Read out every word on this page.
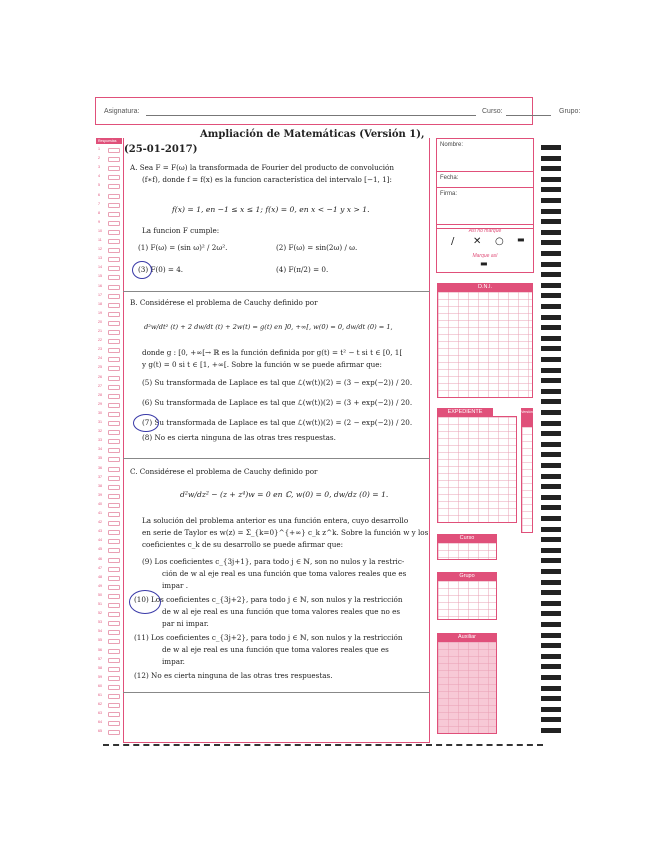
Asignatura:	Curso:	Grupo:
Respuestas
1
2
3
4
5
6
7
8
9
10
11
12
13
14
15
16
17
18
19
20
21
22
23
24
25
26
27
28
29
30
31
32
33
34
35
36
37
38
39
40
41
42
43
44
45
46
47
48
49
50
51
52
53
54
55
56
57
58
59
60
61
62
63
64
65
Ampliación de Matemáticas (Versión 1),
(25-01-2017)
A. Sea F = F(ω) la transformada de Fourier del producto de convolución
(f∗f), donde f = f(x) es la funcion característica del intervalo [−1, 1]:
f(x) = 1, en −1 ≤ x ≤ 1; f(x) = 0, en x < −1 y x > 1.
La funcion F cumple:
(1) F(ω) = (sin ω)² / 2ω².	(2) F(ω) = sin(2ω) / ω.
(3) F(0) = 4.	(4) F(π/2) = 0.
B. Considérese el problema de Cauchy definido por
d²w/dt² (t) + 2 dw/dt (t) + 2w(t) = g(t) en ]0, +∞[, w(0) = 0, dw/dt (0) = 1,
donde g : [0, +∞[→ ℝ es la función definida por g(t) = t² − t si t ∈ [0, 1[
y g(t) = 0 si t ∈ [1, +∞[. Sobre la función w se puede afirmar que:
(5) Su transformada de Laplace es tal que ℒ(w(t))(2) = (3 − exp(−2)) / 20.
(6) Su transformada de Laplace es tal que ℒ(w(t))(2) = (3 + exp(−2)) / 20.
(7) Su transformada de Laplace es tal que ℒ(w(t))(2) = (2 − exp(−2)) / 20.
(8) No es cierta ninguna de las otras tres respuestas.
C. Considérese el problema de Cauchy definido por
d²w/dz² − (z + z⁴)w = 0 en ℂ, w(0) = 0, dw/dz (0) = 1.
La solución del problema anterior es una función entera, cuyo desarrollo
en serie de Taylor es w(z) = Σ_{k=0}^{+∞} c_k z^k. Sobre la función w y los
coeficientes c_k de su desarrollo se puede afirmar que:
(9) Los coeficientes c_{3j+1}, para todo j ∈ ℕ, son no nulos y la restric-
ción de w al eje real es una función que toma valores reales que es
impar .
(10) Los coeficientes c_{3j+2}, para todo j ∈ ℕ, son nulos y la restricción
de w al eje real es una función que toma valores reales que no es
par ni impar.
(11) Los coeficientes c_{3j+2}, para todo j ∈ ℕ, son nulos y la restricción
de w al eje real es una función que toma valores reales que es
impar.
(12) No es cierta ninguna de las otras tres respuestas.
Nombre:
Fecha:
Firma:
Así no marque
/ ✕ ○ ▬
Marque así
▬
D.N.I.
EXPEDIENTE	Versión
Curso
Grupo
Auxiliar
